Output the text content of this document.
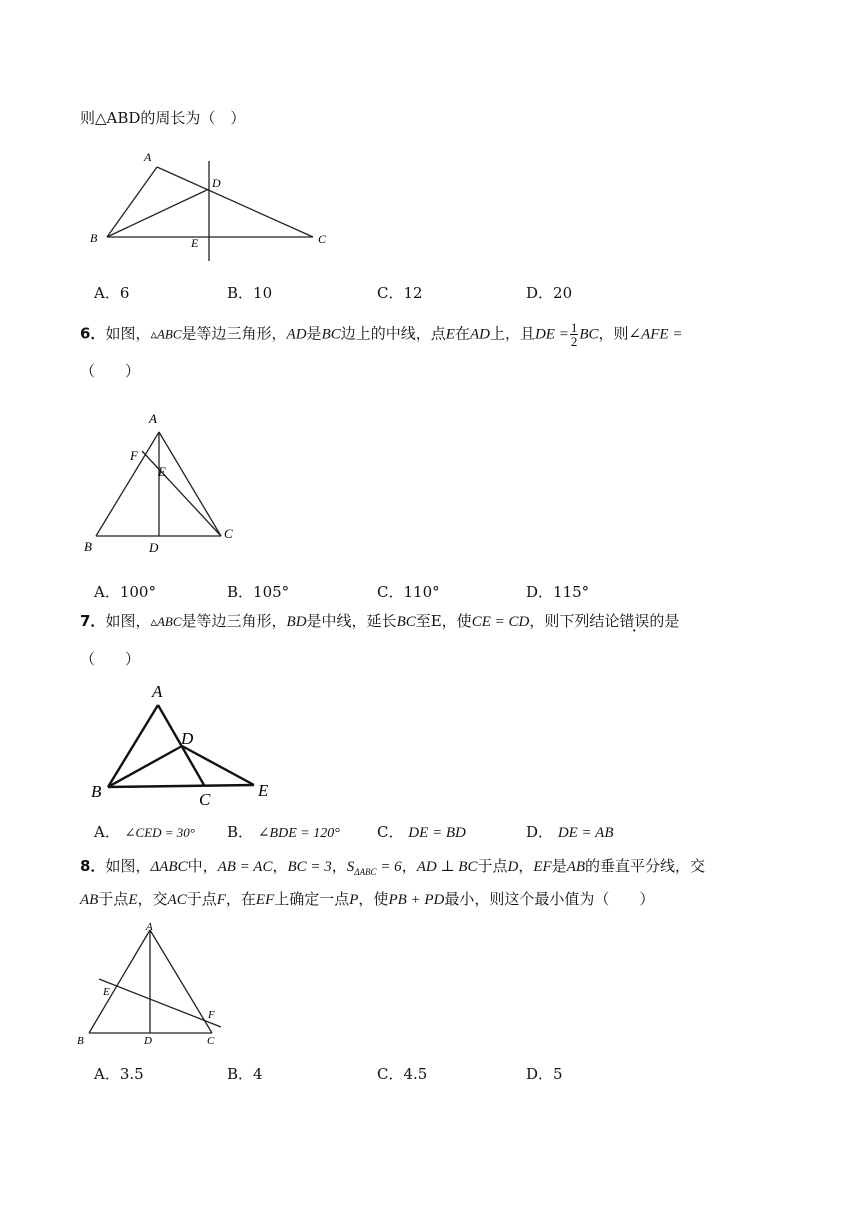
则△ABD的周长为（　）
A
B	C
D
E
A．6	B．10	C．12	D．20
6．如图，▵ABC是等边三角形，AD是BC边上的中线，点E在AD上，且DE = $\frac{1}{2}$ BC，则∠AFE =
（　　）
A
B
C
D
E
F
A．100°	B．105°	C．110°	D．115°
7．如图，▵ABC是等边三角形，BD是中线，延长BC至E，使CE = CD，则下列结论错误的是
（　　）
A
B	C
D
E
A． ∠CED = 30° B． ∠BDE = 120° C． DE = BD	D． DE = AB
8．如图，ΔABC中，AB = AC，BC = 3，$S_{\Delta ABC} = 6$，AD ⊥ BC于点D，EF是AB的垂直平分线，交
AB于点E，交AC于点F，在EF上确定一点P，使PB + PD最小，则这个最小值为（　　）
A
B	C
D
E
F
A．3.5	B．4	C．4.5	D．5
